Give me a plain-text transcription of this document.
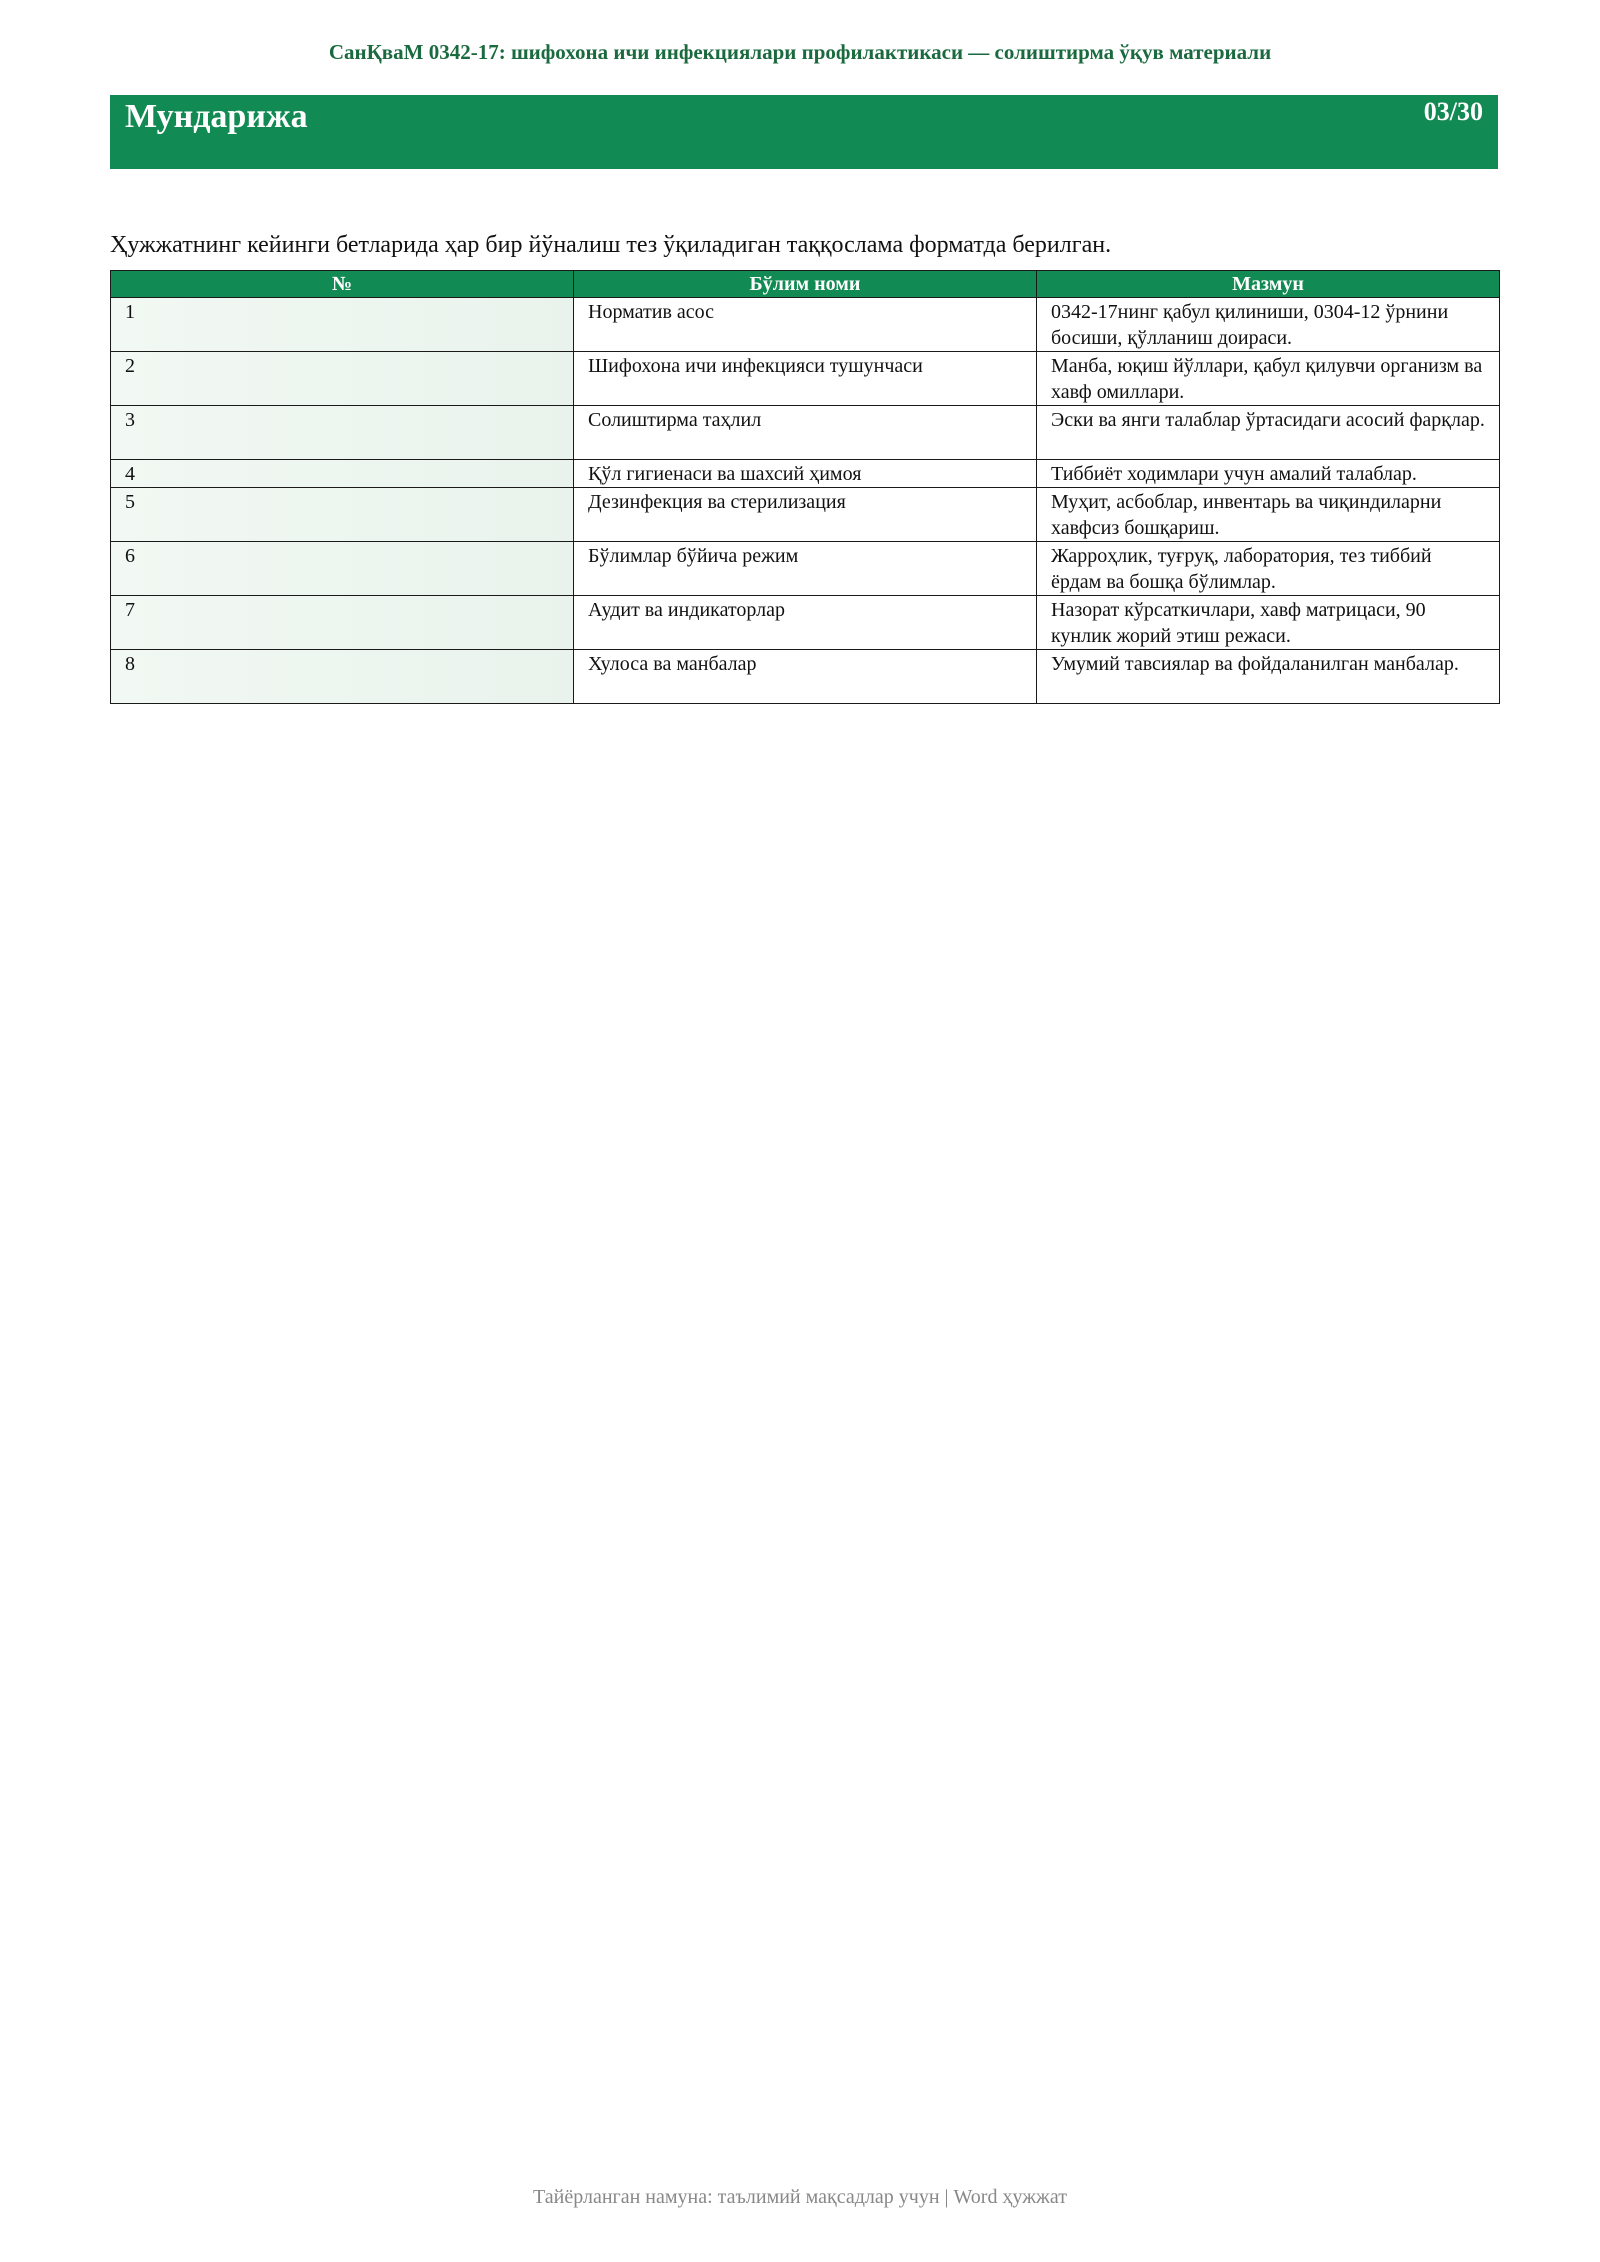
СанҚваМ 0342-17: шифохона ичи инфекциялари профилактикаси — солиштирма ўқув материали
Мундарижа	03/30
Ҳужжатнинг кейинги бетларида ҳар бир йўналиш тез ўқиладиган таққослама форматда берилган.
№	Бўлим номи	Мазмун
1	Норматив асос	0342-17нинг қабул қилиниши, 0304-12 ўрнини босиши, қўлланиш доираси.
2	Шифохона ичи инфекцияси тушунчаси	Манба, юқиш йўллари, қабул қилувчи организм ва хавф омиллари.
3	Солиштирма таҳлил	Эски ва янги талаблар ўртасидаги асосий фарқлар.
4	Қўл гигиенаси ва шахсий ҳимоя	Тиббиёт ходимлари учун амалий талаблар.
5	Дезинфекция ва стерилизация	Муҳит, асбоблар, инвентарь ва чиқиндиларни хавфсиз бошқариш.
6	Бўлимлар бўйича режим	Жарроҳлик, туғруқ, лаборатория, тез тиббий ёрдам ва бошқа бўлимлар.
7	Аудит ва индикаторлар	Назорат кўрсаткичлари, хавф матрицаси, 90 кунлик жорий этиш режаси.
8	Хулоса ва манбалар	Умумий тавсиялар ва фойдаланилган манбалар.
Тайёрланган намуна: таълимий мақсадлар учун | Word ҳужжат
